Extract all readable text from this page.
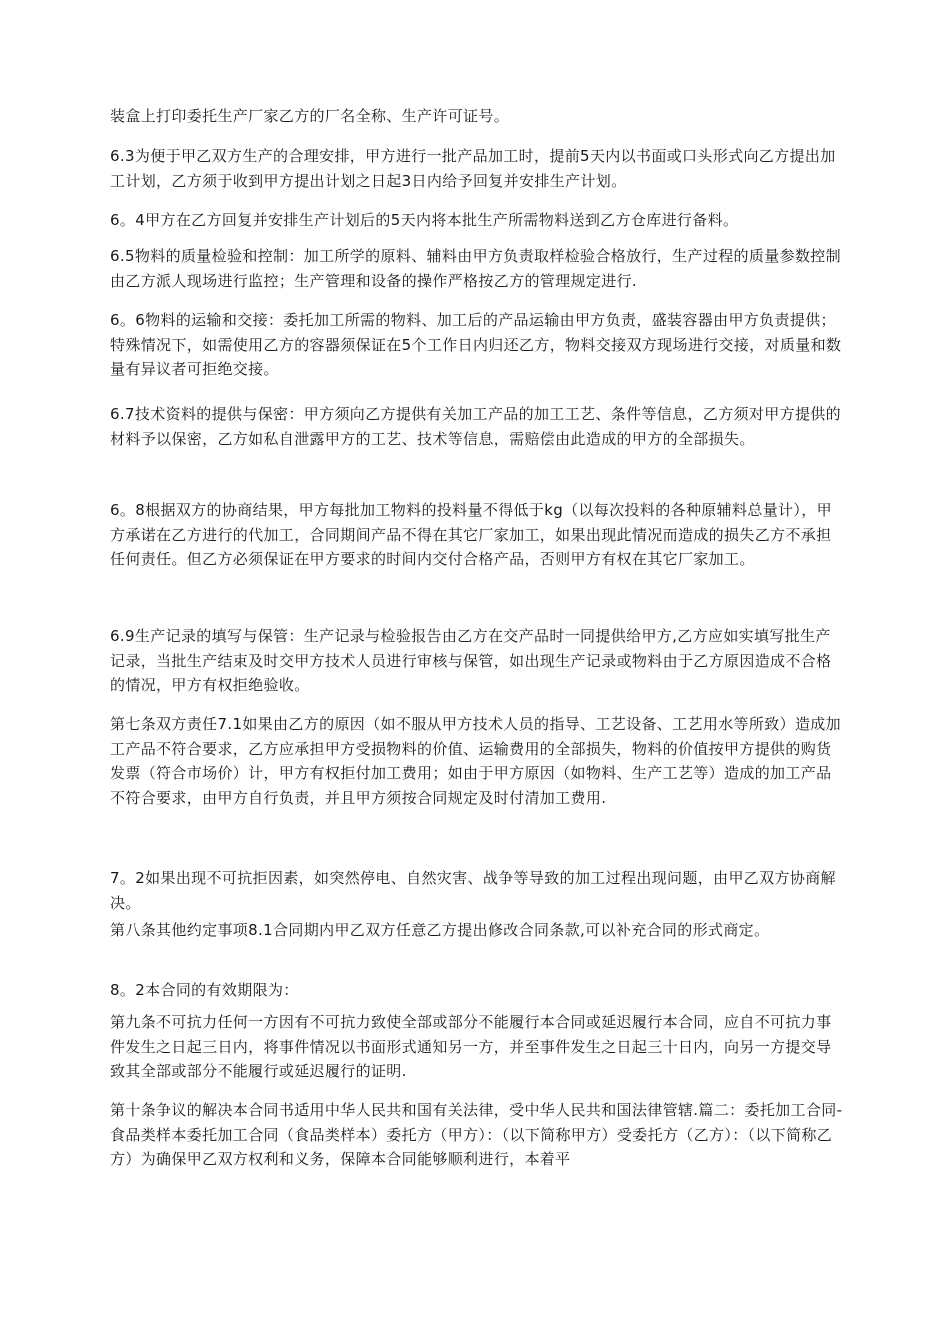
装盒上打印委托生产厂家乙方的厂名全称、生产许可证号。
6.3为便于甲乙双方生产的合理安排，甲方进行一批产品加工时，提前5天内以书面或口头形式向乙方提出加工计划，乙方须于收到甲方提出计划之日起3日内给予回复并安排生产计划。
6。4甲方在乙方回复并安排生产计划后的5天内将本批生产所需物料送到乙方仓库进行备料。
6.5物料的质量检验和控制：加工所学的原料、辅料由甲方负责取样检验合格放行，生产过程的质量参数控制由乙方派人现场进行监控；生产管理和设备的操作严格按乙方的管理规定进行.
6。6物料的运输和交接：委托加工所需的物料、加工后的产品运输由甲方负责，盛装容器由甲方负责提供；特殊情况下，如需使用乙方的容器须保证在5个工作日内归还乙方，物料交接双方现场进行交接，对质量和数量有异议者可拒绝交接。
6.7技术资料的提供与保密：甲方须向乙方提供有关加工产品的加工工艺、条件等信息，乙方须对甲方提供的材料予以保密，乙方如私自泄露甲方的工艺、技术等信息，需赔偿由此造成的甲方的全部损失。
6。8根据双方的协商结果，甲方每批加工物料的投料量不得低于kg（以每次投料的各种原辅料总量计），甲方承诺在乙方进行的代加工，合同期间产品不得在其它厂家加工，如果出现此情况而造成的损失乙方不承担任何责任。但乙方必须保证在甲方要求的时间内交付合格产品，否则甲方有权在其它厂家加工。
6.9生产记录的填写与保管：生产记录与检验报告由乙方在交产品时一同提供给甲方,乙方应如实填写批生产记录，当批生产结束及时交甲方技术人员进行审核与保管，如出现生产记录或物料由于乙方原因造成不合格的情况，甲方有权拒绝验收。
第七条双方责任7.1如果由乙方的原因（如不服从甲方技术人员的指导、工艺设备、工艺用水等所致）造成加工产品不符合要求，乙方应承担甲方受损物料的价值、运输费用的全部损失，物料的价值按甲方提供的购货发票（符合市场价）计，甲方有权拒付加工费用；如由于甲方原因（如物料、生产工艺等）造成的加工产品不符合要求，由甲方自行负责，并且甲方须按合同规定及时付清加工费用.
7。2如果出现不可抗拒因素，如突然停电、自然灾害、战争等导致的加工过程出现问题，由甲乙双方协商解决。
第八条其他约定事项8.1合同期内甲乙双方任意乙方提出修改合同条款,可以补充合同的形式商定。
8。2本合同的有效期限为：
第九条不可抗力任何一方因有不可抗力致使全部或部分不能履行本合同或延迟履行本合同，应自不可抗力事件发生之日起三日内，将事件情况以书面形式通知另一方，并至事件发生之日起三十日内，向另一方提交导致其全部或部分不能履行或延迟履行的证明.
第十条争议的解决本合同书适用中华人民共和国有关法律，受中华人民共和国法律管辖.篇二：委托加工合同-食品类样本委托加工合同（食品类样本）委托方（甲方）：（以下简称甲方）受委托方（乙方）：（以下简称乙方）为确保甲乙双方权利和义务，保障本合同能够顺利进行，本着平
